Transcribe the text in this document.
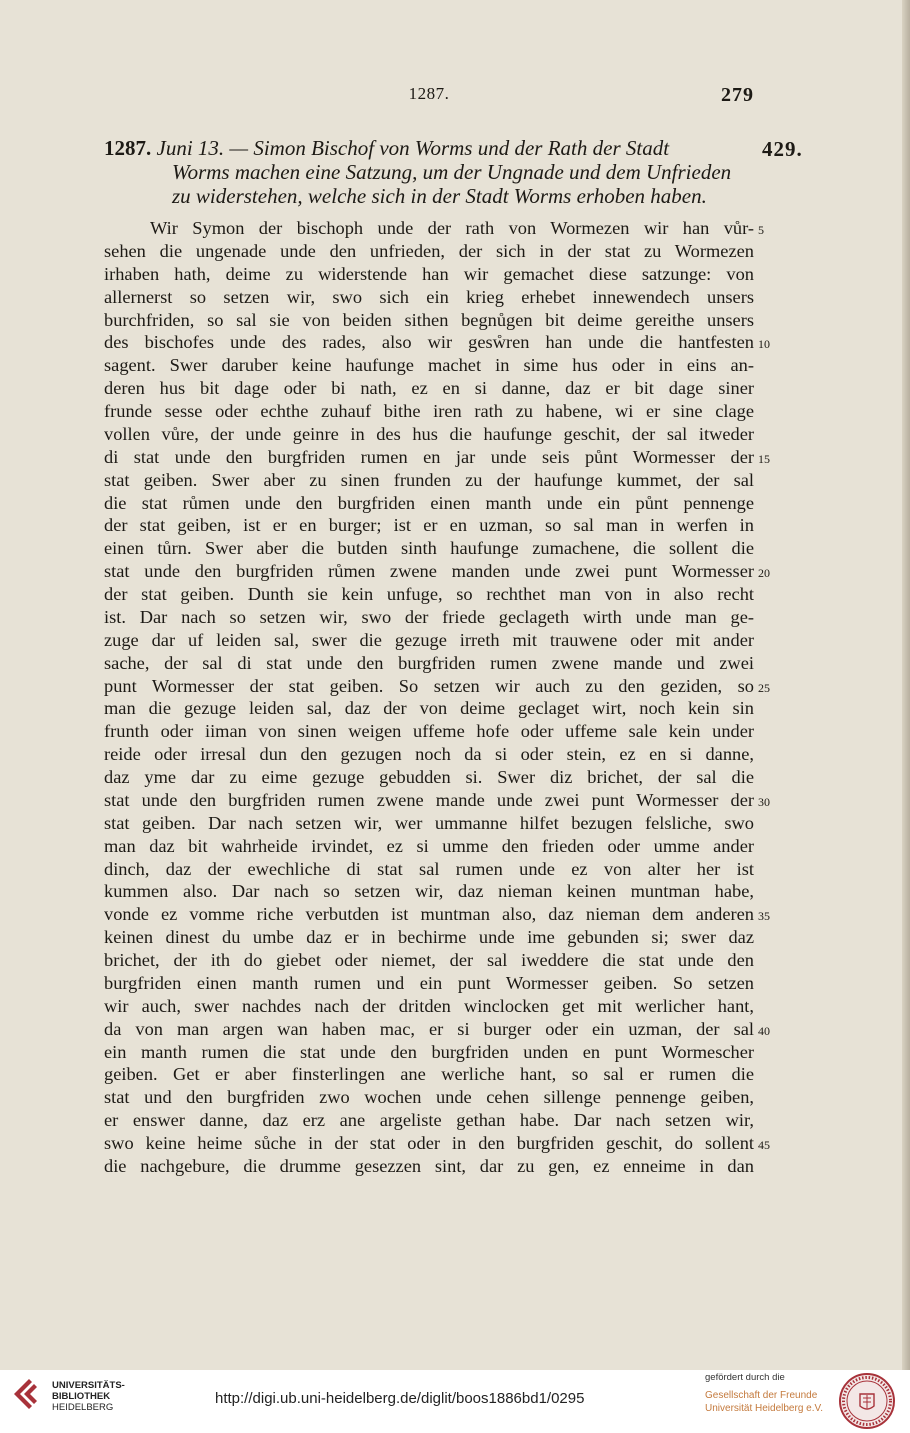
1287.	279
1287. Juni 13. — Simon Bischof von Worms und der Rath der Stadt
Worms machen eine Satzung, um der Ungnade und dem Unfrieden
zu widerstehen, welche sich in der Stadt Worms erhoben haben.
429.
Wir Symon der bischoph unde der rath von Wormezen wir han vůr-
sehen die ungenade unde den unfrieden, der sich in der stat zu Wormezen
irhaben hath, deime zu widerstende han wir gemachet diese satzunge: von
allernerst so setzen wir, swo sich ein krieg erhebet innewendech unsers
burchfriden, so sal sie von beiden sithen begnůgen bit deime gereithe unsers
des bischofes unde des rades, also wir gesẘren han unde die hantfesten
sagent. Swer daruber keine haufunge machet in sime hus oder in eins an-
deren hus bit dage oder bi nath, ez en si danne, daz er bit dage siner
frunde sesse oder echthe zuhauf bithe iren rath zu habene, wi er sine clage
vollen vůre, der unde geinre in des hus die haufunge geschit, der sal itweder
di stat unde den burgfriden rumen en jar unde seis půnt Wormesser der
stat geiben. Swer aber zu sinen frunden zu der haufunge kummet, der sal
die stat růmen unde den burgfriden einen manth unde ein půnt pennenge
der stat geiben, ist er en burger; ist er en uzman, so sal man in werfen in
einen tůrn. Swer aber die butden sinth haufunge zumachene, die sollent die
stat unde den burgfriden růmen zwene manden unde zwei punt Wormesser
der stat geiben. Dunth sie kein unfuge, so rechthet man von in also recht
ist. Dar nach so setzen wir, swo der friede geclageth wirth unde man ge-
zuge dar uf leiden sal, swer die gezuge irreth mit trauwene oder mit ander
sache, der sal di stat unde den burgfriden rumen zwene mande und zwei
punt Wormesser der stat geiben. So setzen wir auch zu den geziden, so
man die gezuge leiden sal, daz der von deime geclaget wirt, noch kein sin
frunth oder iiman von sinen weigen uffeme hofe oder uffeme sale kein under
reide oder irresal dun den gezugen noch da si oder stein, ez en si danne,
daz yme dar zu eime gezuge gebudden si. Swer diz brichet, der sal die
stat unde den burgfriden rumen zwene mande unde zwei punt Wormesser der
stat geiben. Dar nach setzen wir, wer ummanne hilfet bezugen felsliche, swo
man daz bit wahrheide irvindet, ez si umme den frieden oder umme ander
dinch, daz der ewechliche di stat sal rumen unde ez von alter her ist
kummen also. Dar nach so setzen wir, daz nieman keinen muntman habe,
vonde ez vomme riche verbutden ist muntman also, daz nieman dem anderen
keinen dinest du umbe daz er in bechirme unde ime gebunden si; swer daz
brichet, der ith do giebet oder niemet, der sal iweddere die stat unde den
burgfriden einen manth rumen und ein punt Wormesser geiben. So setzen
wir auch, swer nachdes nach der dritden winclocken get mit werlicher hant,
da von man argen wan haben mac, er si burger oder ein uzman, der sal
ein manth rumen die stat unde den burgfriden unden en punt Wormescher
geiben. Get er aber finsterlingen ane werliche hant, so sal er rumen die
stat und den burgfriden zwo wochen unde cehen sillenge pennenge geiben,
er enswer danne, daz erz ane argeliste gethan habe. Dar nach setzen wir,
swo keine heime sůche in der stat oder in den burgfriden geschit, do sollent
die nachgebure, die drumme gesezzen sint, dar zu gen, ez enneime in dan
5
10
15
20
25
30
35
40
45
UNIVERSITÄTS-
BIBLIOTHEK
HEIDELBERG
http://digi.ub.uni-heidelberg.de/diglit/boos1886bd1/0295
gefördert durch die
Gesellschaft der Freunde
Universität Heidelberg e.V.
